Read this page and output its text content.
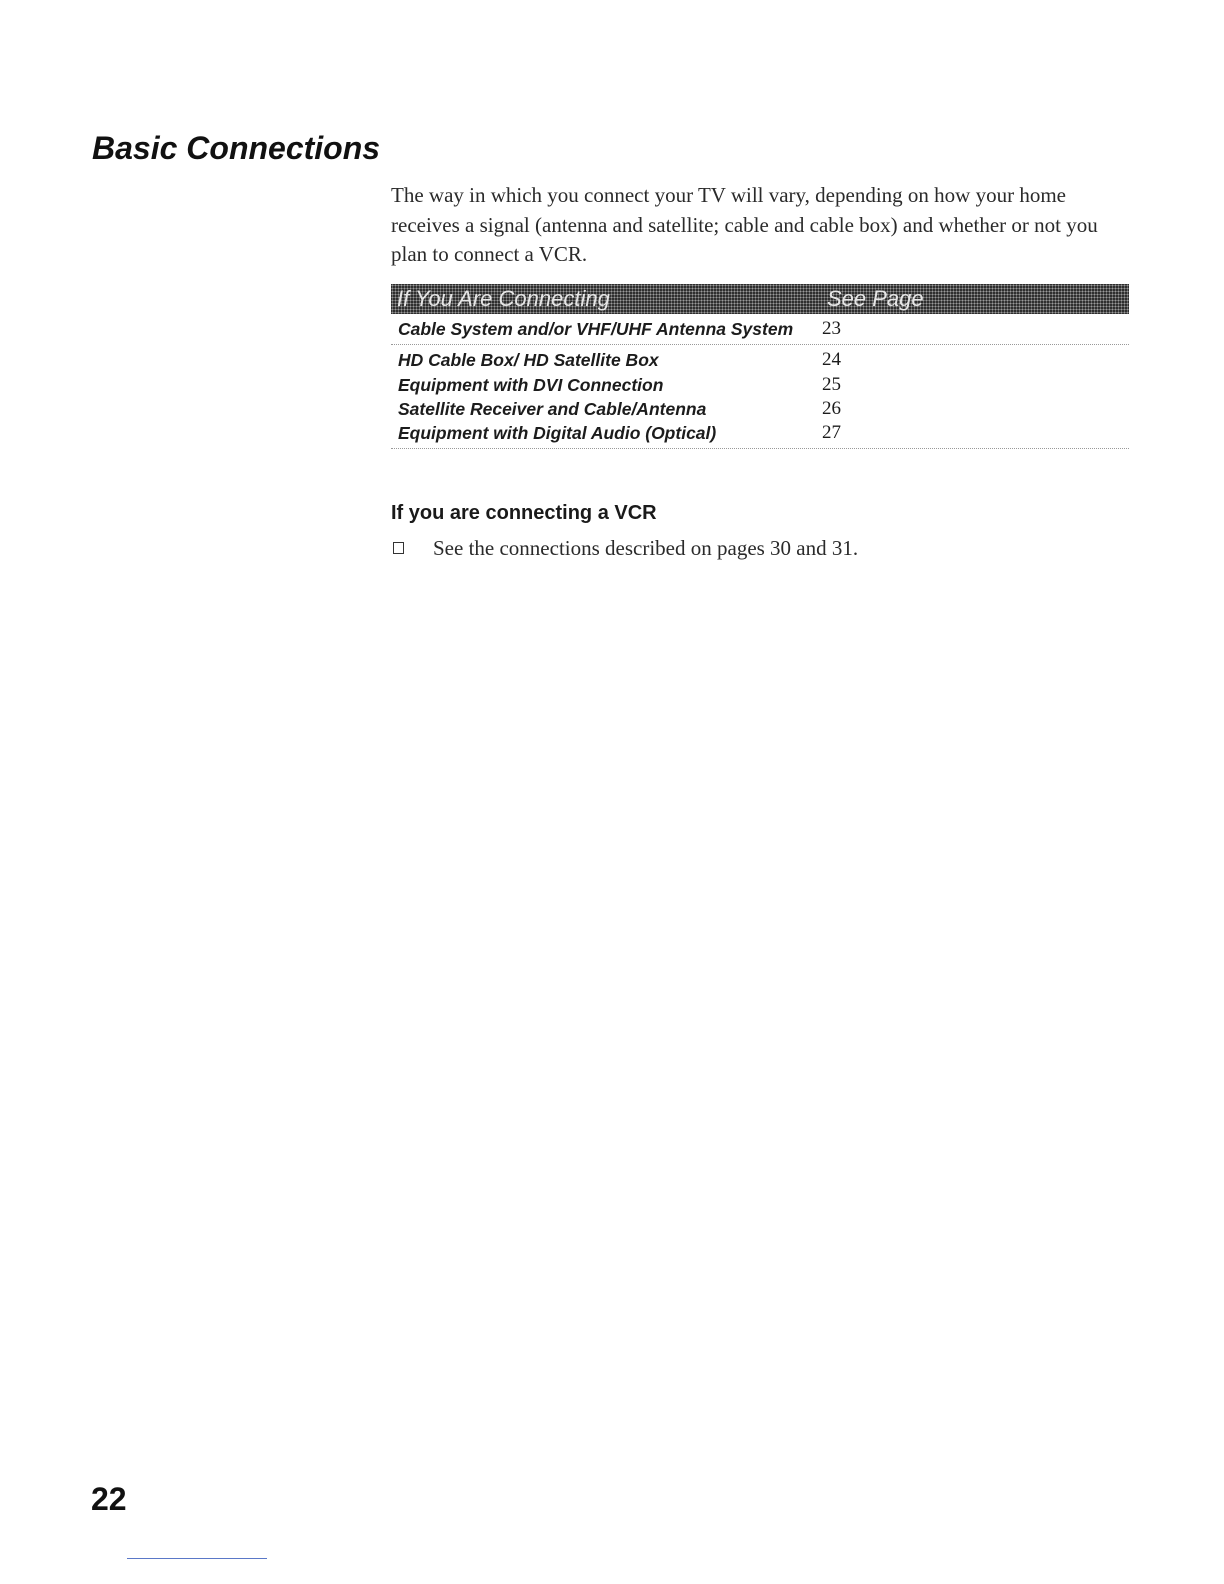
Basic Connections

The way in which you connect your TV will vary, depending on how your home receives a signal (antenna and satellite; cable and cable box) and whether or not you plan to connect a VCR.

If You Are Connecting	See Page
Cable System and/or VHF/UHF Antenna System 23
HD Cable Box/ HD Satellite Box	24
Equipment with DVI Connection	25
Satellite Receiver and Cable/Antenna	26
Equipment with Digital Audio (Optical)	27
If you are connecting a VCR
See the connections described on pages 30 and 31.
22
